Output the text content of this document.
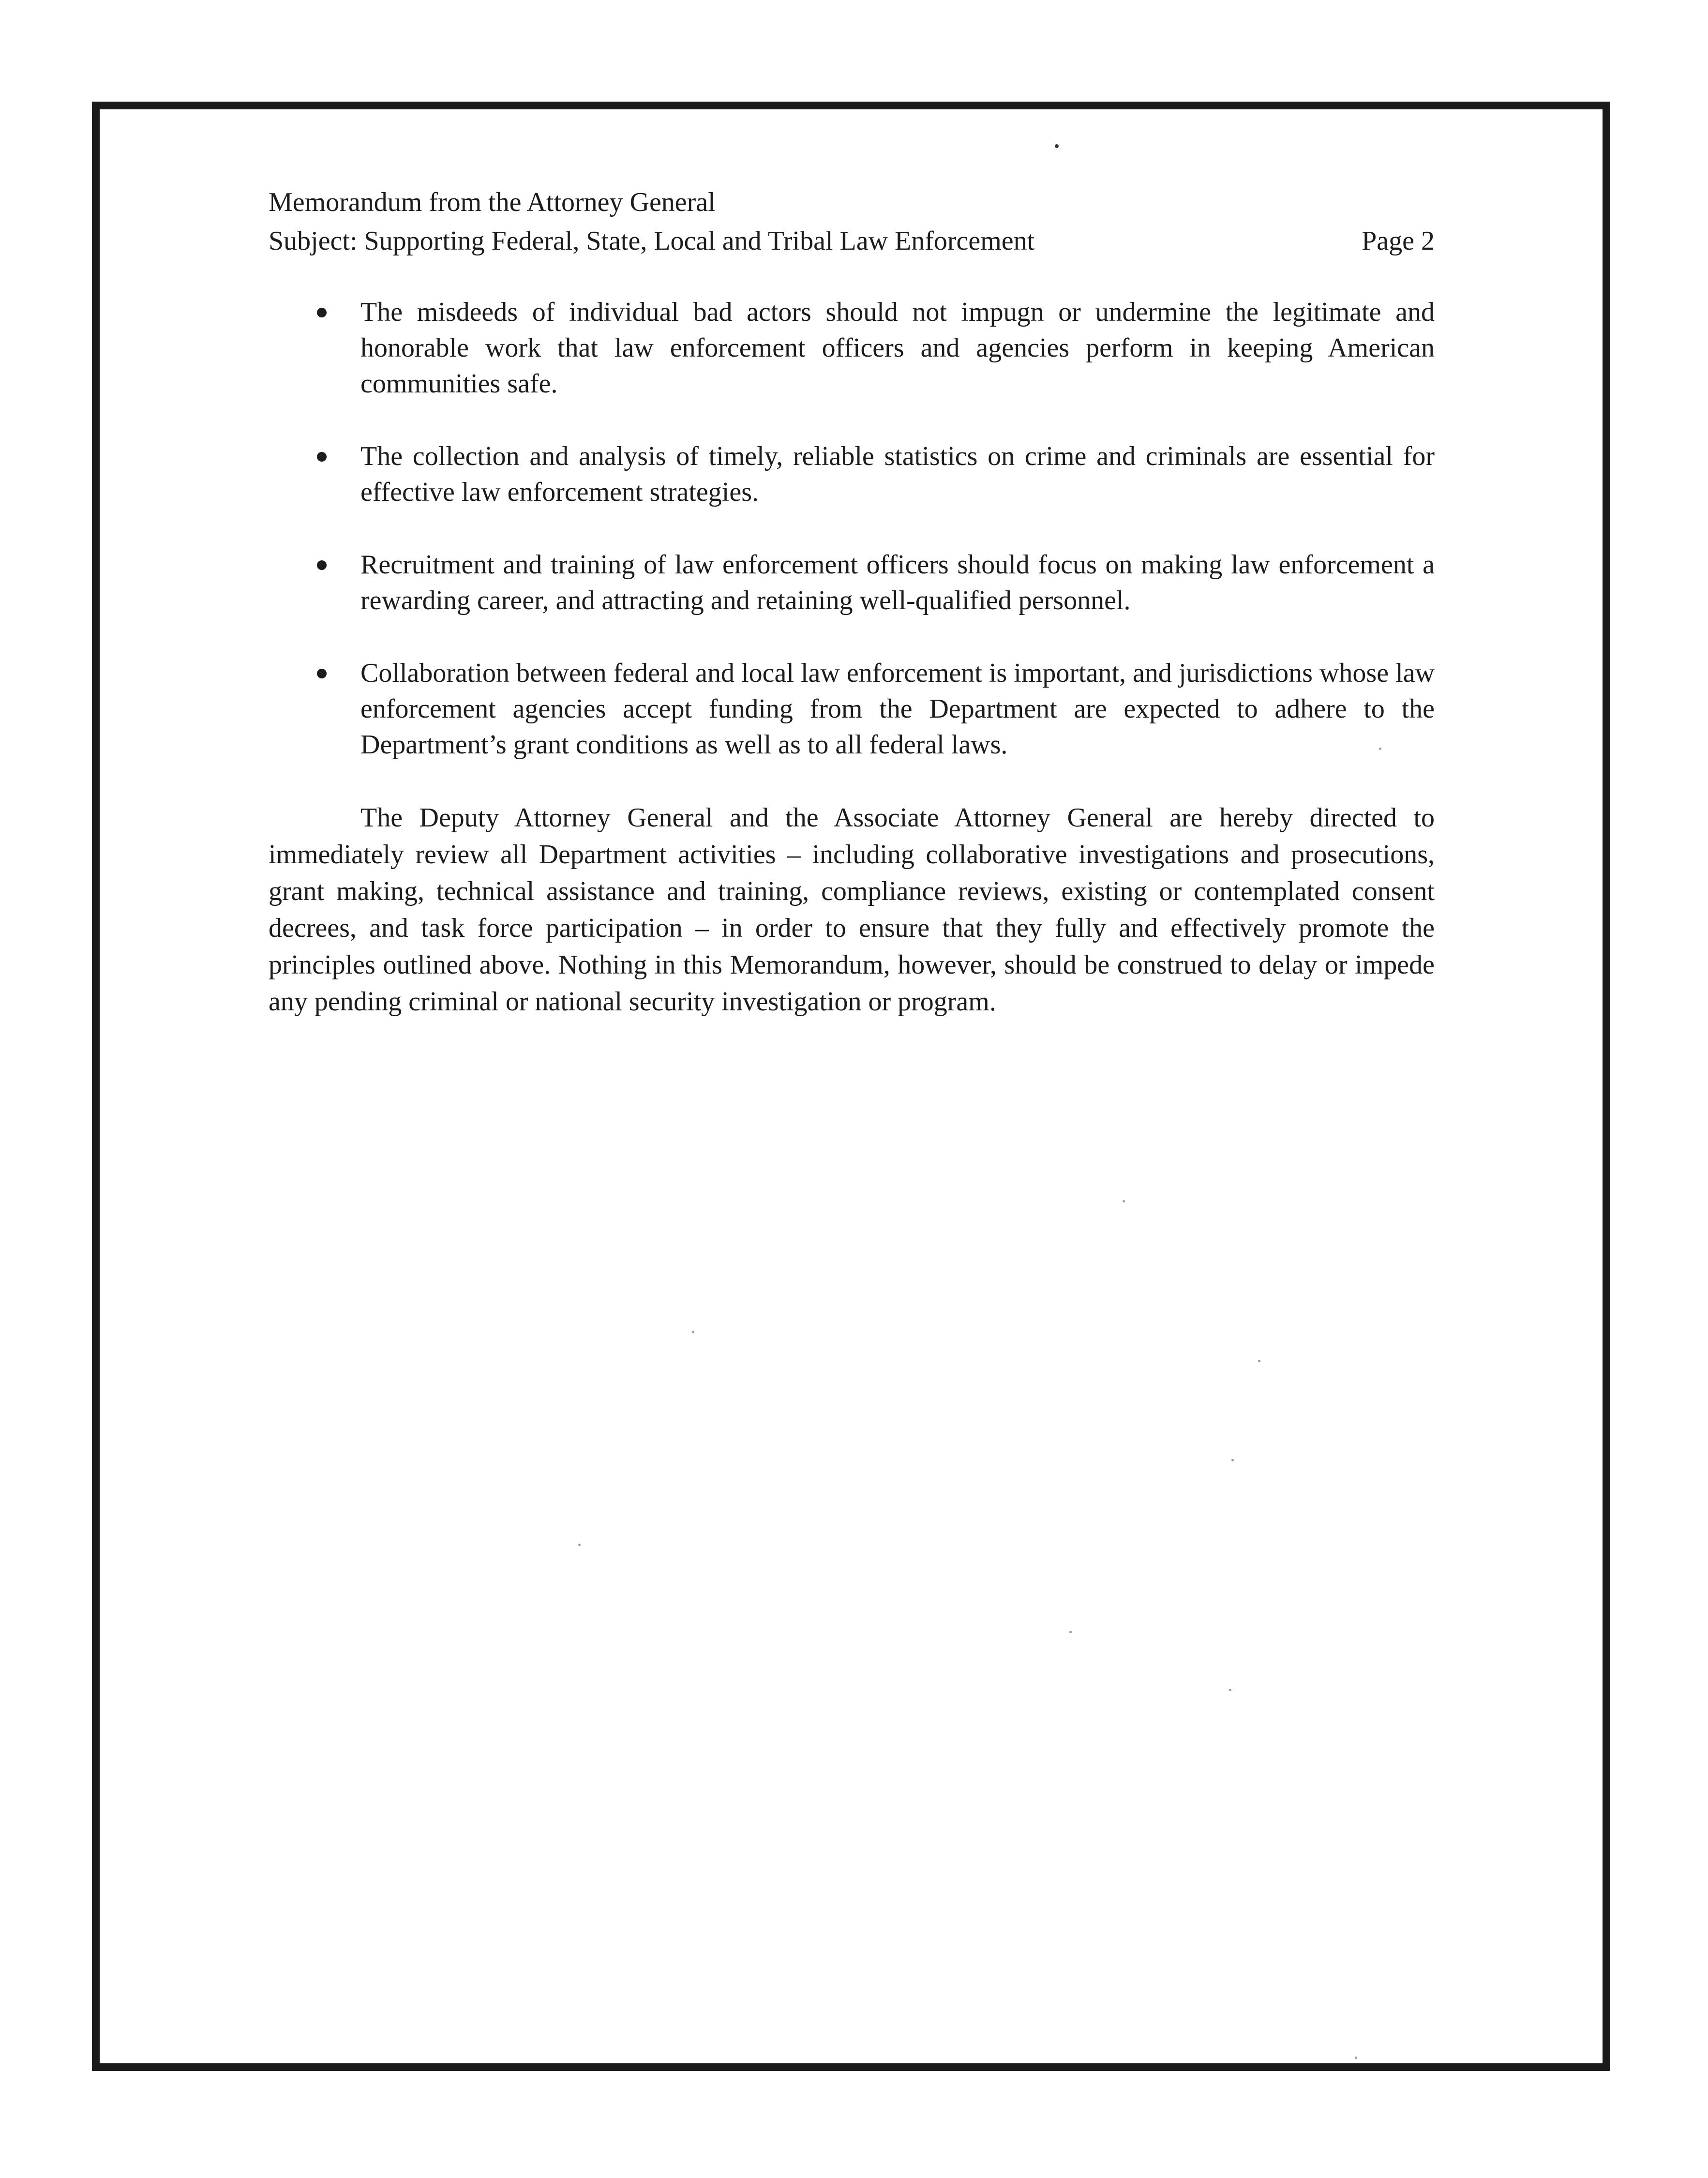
Memorandum from the Attorney General
Subject: Supporting Federal, State, Local and Tribal Law Enforcement	Page 2
The misdeeds of individual bad actors should not impugn or undermine the legitimate and honorable work that law enforcement officers and agencies perform in keeping American communities safe.
The collection and analysis of timely, reliable statistics on crime and criminals are essential for effective law enforcement strategies.
Recruitment and training of law enforcement officers should focus on making law enforcement a rewarding career, and attracting and retaining well-qualified personnel.
Collaboration between federal and local law enforcement is important, and jurisdictions whose law enforcement agencies accept funding from the Department are expected to adhere to the Department’s grant conditions as well as to all federal laws.

The Deputy Attorney General and the Associate Attorney General are hereby directed to immediately review all Department activities – including collaborative investigations and prosecutions, grant making, technical assistance and training, compliance reviews, existing or contemplated consent decrees, and task force participation – in order to ensure that they fully and effectively promote the principles outlined above. Nothing in this Memorandum, however, should be construed to delay or impede any pending criminal or national security investigation or program.
